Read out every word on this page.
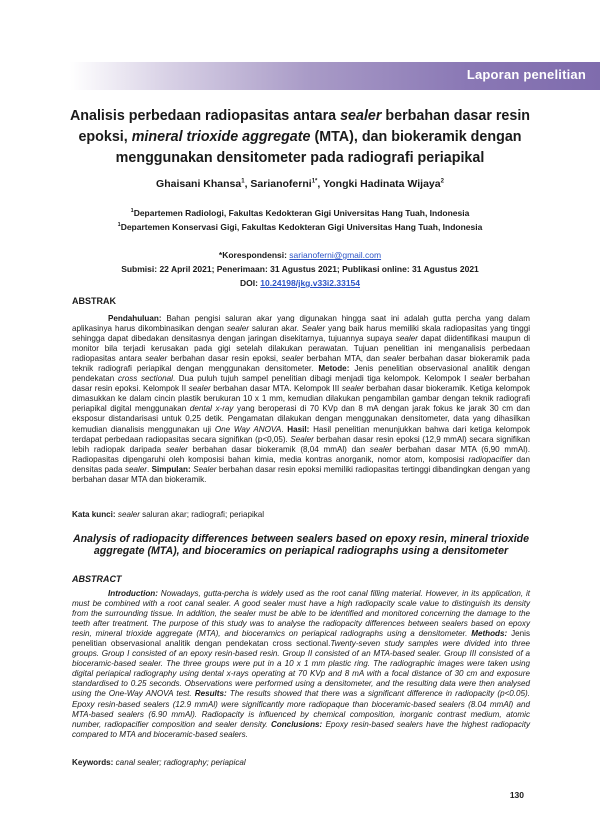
Laporan penelitian
Analisis perbedaan radiopasitas antara sealer berbahan dasar resin epoksi, mineral trioxide aggregate (MTA), dan biokeramik dengan menggunakan densitometer pada radiografi periapikal
Ghaisani Khansa$^1$, Sarianoferni$^{1*}$, Yongki Hadinata Wijaya$^2$
$^1$Departemen Radiologi, Fakultas Kedokteran Gigi Universitas Hang Tuah, Indonesia
$^1$Departemen Konservasi Gigi, Fakultas Kedokteran Gigi Universitas Hang Tuah, Indonesia
*Korespondensi: sarianoferni@gmail.com
Submisi: 22 April 2021; Penerimaan: 31 Agustus 2021; Publikasi online: 31 Agustus 2021
DOI: 10.24198/jkg.v33i2.33154
ABSTRAK
Pendahuluan: Bahan pengisi saluran akar yang digunakan hingga saat ini adalah gutta percha yang dalam aplikasinya harus dikombinasikan dengan sealer saluran akar. Sealer yang baik harus memiliki skala radiopasitas yang tinggi sehingga dapat dibedakan densitasnya dengan jaringan disekitarnya, tujuannya supaya sealer dapat diidentifikasi maupun di monitor bila terjadi kerusakan pada gigi setelah dilakukan perawatan. Tujuan penelitian ini menganalisis perbedaan radiopasitas antara sealer berbahan dasar resin epoksi, sealer berbahan MTA, dan sealer berbahan dasar biokeramik pada teknik radiografi periapikal dengan menggunakan densitometer. Metode: Jenis penelitian observasional analitik dengan pendekatan cross sectional. Dua puluh tujuh sampel penelitian dibagi menjadi tiga kelompok. Kelompok I sealer berbahan dasar resin epoksi. Kelompok II sealer berbahan dasar MTA. Kelompok III sealer berbahan dasar biokeramik. Ketiga kelompok dimasukkan ke dalam cincin plastik berukuran 10 x 1 mm, kemudian dilakukan pengambilan gambar dengan teknik radiografi periapikal digital menggunakan dental x-ray yang beroperasi di 70 KVp dan 8 mA dengan jarak fokus ke jarak 30 cm dan eksposur distandarisasi untuk 0,25 detik. Pengamatan dilakukan dengan menggunakan densitometer, data yang dihasilkan kemudian dianalisis menggunakan uji One Way ANOVA. Hasil: Hasil penelitian menunjukkan bahwa dari ketiga kelompok terdapat perbedaan radiopasitas secara signifikan (p<0,05). Sealer berbahan dasar resin epoksi (12,9 mmAl) secara signifikan lebih radiopak daripada sealer berbahan dasar biokeramik (8,04 mmAl) dan sealer berbahan dasar MTA (6,90 mmAl). Radiopasitas dipengaruhi oleh komposisi bahan kimia, media kontras anorganik, nomor atom, komposisi radiopacifier dan densitas pada sealer. Simpulan: Sealer berbahan dasar resin epoksi memiliki radiopasitas tertinggi dibandingkan dengan yang berbahan dasar MTA dan biokeramik.
Kata kunci: sealer saluran akar; radiografi; periapikal
Analysis of radiopacity differences between sealers based on epoxy resin, mineral trioxide aggregate (MTA), and bioceramics on periapical radiographs using a densitometer
ABSTRACT
Introduction: Nowadays, gutta-percha is widely used as the root canal filling material. However, in its application, it must be combined with a root canal sealer. A good sealer must have a high radiopacity scale value to distinguish its density from the surrounding tissue. In addition, the sealer must be able to be identified and monitored concerning the damage to the teeth after treatment. The purpose of this study was to analyse the radiopacity differences between sealers based on epoxy resin, mineral trioxide aggregate (MTA), and bioceramics on periapical radiographs using a densitometer. Methods: Jenis penelitian observasional analitik dengan pendekatan cross sectional.Twenty-seven study samples were divided into three groups. Group I consisted of an epoxy resin-based resin. Group II consisted of an MTA-based sealer. Group III consisted of a bioceramic-based sealer. The three groups were put in a 10 x 1 mm plastic ring. The radiographic images were taken using digital periapical radiography using dental x-rays operating at 70 KVp and 8 mA with a focal distance of 30 cm and exposure standardised to 0.25 seconds. Observations were performed using a densitometer, and the resulting data were then analysed using the One-Way ANOVA test. Results: The results showed that there was a significant difference in radiopacity (p<0.05). Epoxy resin-based sealers (12.9 mmAl) were significantly more radiopaque than bioceramic-based sealers (8.04 mmAl) and MTA-based sealers (6.90 mmAl). Radiopacity is influenced by chemical composition, inorganic contrast medium, atomic number, radiopacifier composition and sealer density. Conclusions: Epoxy resin-based sealers have the highest radiopacity compared to MTA and bioceramic-based sealers.
Keywords: canal sealer; radiography; periapical
130
